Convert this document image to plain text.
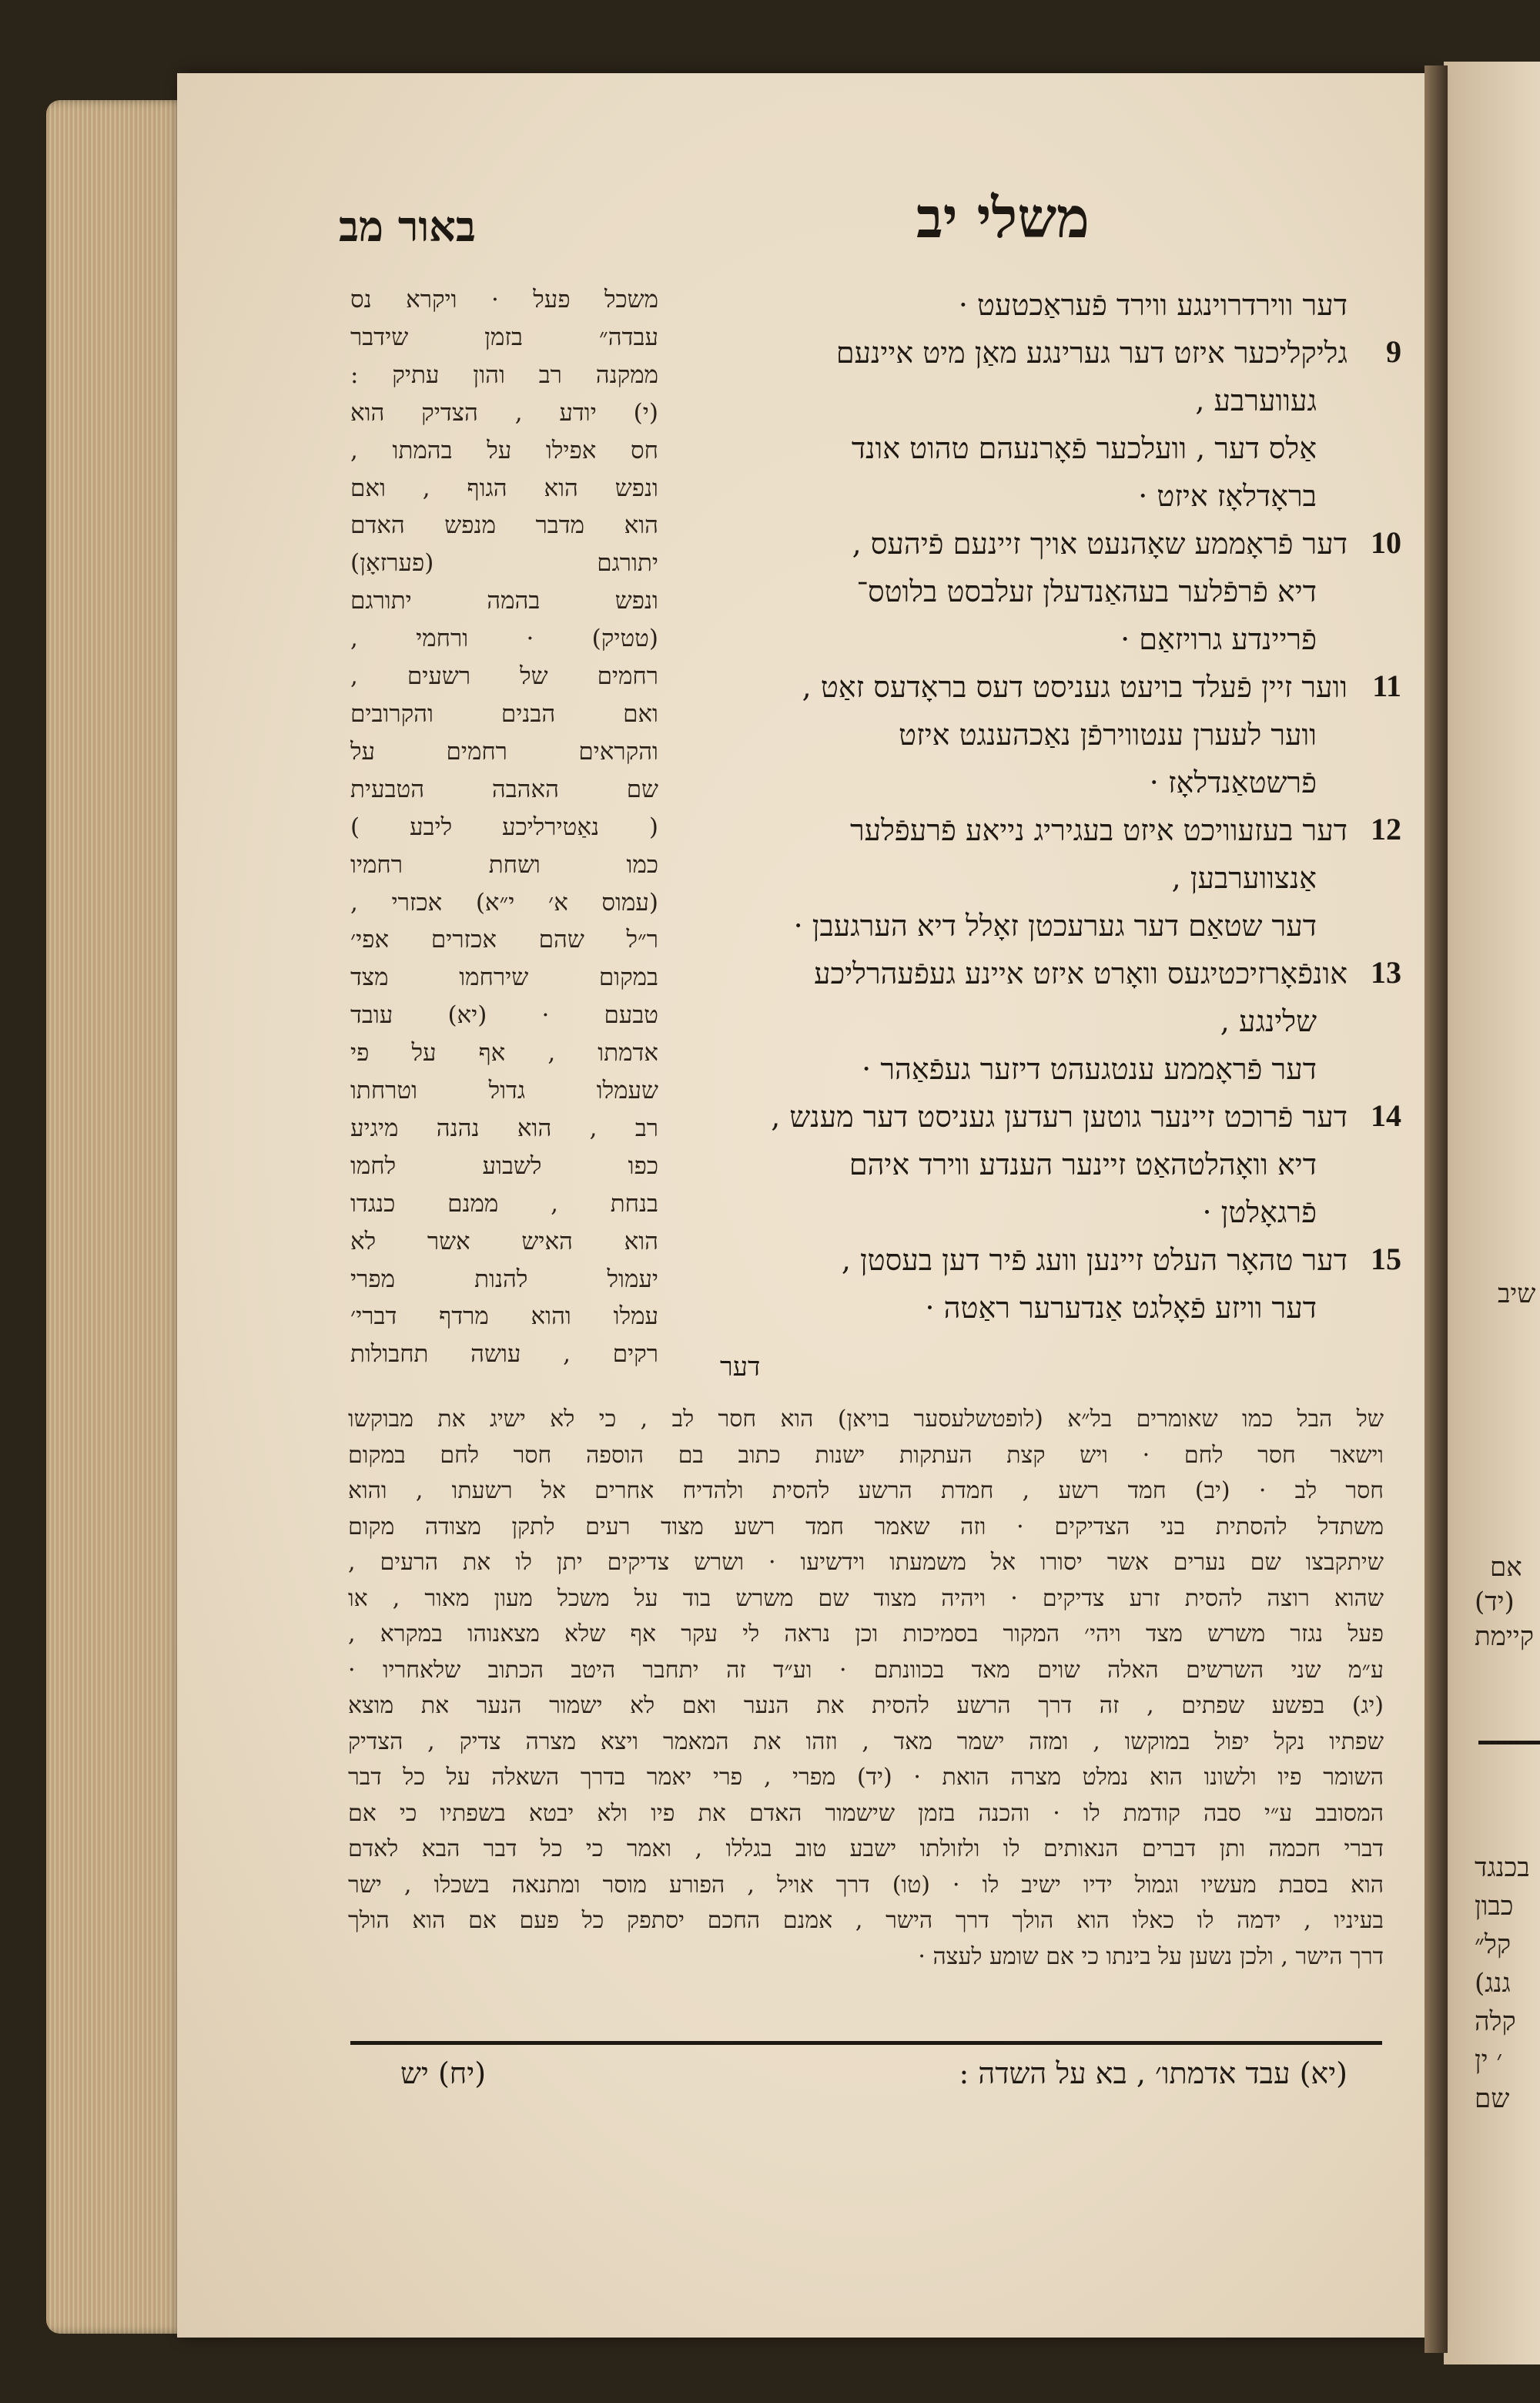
שיב
אם
(יד)
קיימת
בכנגד
כבון
קל״
גנג)
קלה
׳ ין
שם
משלי יב
באור מב
דער ווירדרוינגע ווירד פֿעראַכטעט ·
9
גליקליכער איזט דער גערינגע מאַן מיט איינעם
געווערבע ,
אַלס דער , וועלכער פֿאָרנעהם טהוט אונד
בראָדלאָז איזט ·
10
דער פֿראָממע שאָהנעט אויך זיינעם פֿיהעס ,
דיא פֿרפֿלער בעהאַנדעלן זעלבסט בלוטס־
פֿריינדע גרויזאַם ·
11
ווער זיין פֿעלד בויעט געניסט דעס בראָדעס זאַט ,
ווער לעערן ענטווירפֿן נאַכהענגט איזט
פֿרשטאַנדלאָז ·
12
דער בעזעוויכט איזט בעגיריג נייאע פֿרעפֿלער
אַנצווערבען ,
דער שטאַם דער גערעכטן זאָלל דיא הערגעבן ·
13
אונפֿאָרזיכטיגעס וואָרט איזט איינע געפֿעהרליכע
שלינגע ,
דער פֿראָממע ענטגעהט דיזער געפֿאַהר ·
14
דער פֿרוכט זיינער גוטען רעדען געניסט דער מענש ,
דיא וואָהלטהאַט זיינער הענדע ווירד איהם
פֿרגאָלטן ·
15
דער טהאָר העלט זיינען וועג פֿיר דען בעסטן ,
דער וויזע פֿאָלגט אַנדערער ראַטה ·
דער
משכל פעל · ויקרא נס
עבדה״ בזמן שידבר
ממקנה רב והון עתיק :
(י) יודע , הצדיק הוא
חס אפילו על בהמתו ,
ונפש הוא הגוף , ואם
הוא מדבר מנפש האדם
יתורגם (פערזאָן)
ונפש בהמה יתורגם
(טטיק) · ורחמי ,
רחמים של רשעים ,
ואם הבנים והקרובים
והקראים רחמים על
שם האהבה הטבעית
( נאַטירליכע ליבע )
כמו ושחת רחמיו
(עמוס א׳ י״א) אכזרי ,
ר״ל שהם אכזרים אפי׳
במקום שירחמו מצד
טבעם · (יא) עובד
אדמתו , אף על פי
שעמלו גדול וטרחתו
רב , הוא נהנה מיגיע
כפו לשבוע לחמו
בנחת , ממנם כנגדו
הוא האיש אשר לא
יעמול להנות מפרי
עמלו והוא מרדף דברי׳
רקים , עושה תחבולות
של הבל כמו שאומרים בל״א (לופטשלעסער בויאן) הוא חסר לב , כי לא ישיג את מבוקשו
וישאר חסר לחם · ויש קצת העתקות ישנות כתוב בם הוספה חסר לחם במקום
חסר לב · (יב) חמד רשע , חמדת הרשע להסית ולהדיח אחרים אל רשעתו , והוא
משתדל להסתית בני הצדיקים · וזה שאמר חמד רשע מצוד רעים לתקן מצודה מקום
שיתקבצו שם נערים אשר יסורו אל משמעתו וידשיעו · ושרש צדיקים יתן לו את הרעים ,
שהוא רוצה להסית זרע צדיקים · ויהיה מצוד שם משרש בוד על משכל מעון מאור , או
פעל נגזר משרש מצד ויהי׳ המקור בסמיכות וכן נראה לי עקר אף שלא מצאנוהו במקרא ,
ע״מ שני השרשים האלה שוים מאד בכוונתם · וע״ד זה יתחבר היטב הכתוב שלאחריו ·
(יג) בפשע שפתים , זה דרך הרשע להסית את הנער ואם לא ישמור הנער את מוצא
שפתיו נקל יפול במוקשו , ומזה ישמר מאד , וזהו את המאמר ויצא מצרה צדיק , הצדיק
השומר פיו ולשונו הוא נמלט מצרה הואת · (יד) מפרי , פרי יאמר בדרך השאלה על כל דבר
המסובב ע״י סבה קודמת לו · והכנה בזמן שישמור האדם את פיו ולא יבטא בשפתיו כי אם
דברי חכמה ותן דברים הנאותים לו ולזולתו ישבע טוב בגללו , ואמר כי כל דבר הבא לאדם
הוא בסבת מעשיו וגמול ידיו ישיב לו · (טו) דרך אויל , הפורע מוסר ומתנאה בשכלו , ישר
בעיניו , ידמה לו כאלו הוא הולך דרך הישר , אמנם החכם יסתפק כל פעם אם הוא הולך
דרך הישר , ולכן נשען על בינתו כי אם שומע לעצה ·
(יא) עבד אדמתו׳ , בא על השדה :
(יח) יש
